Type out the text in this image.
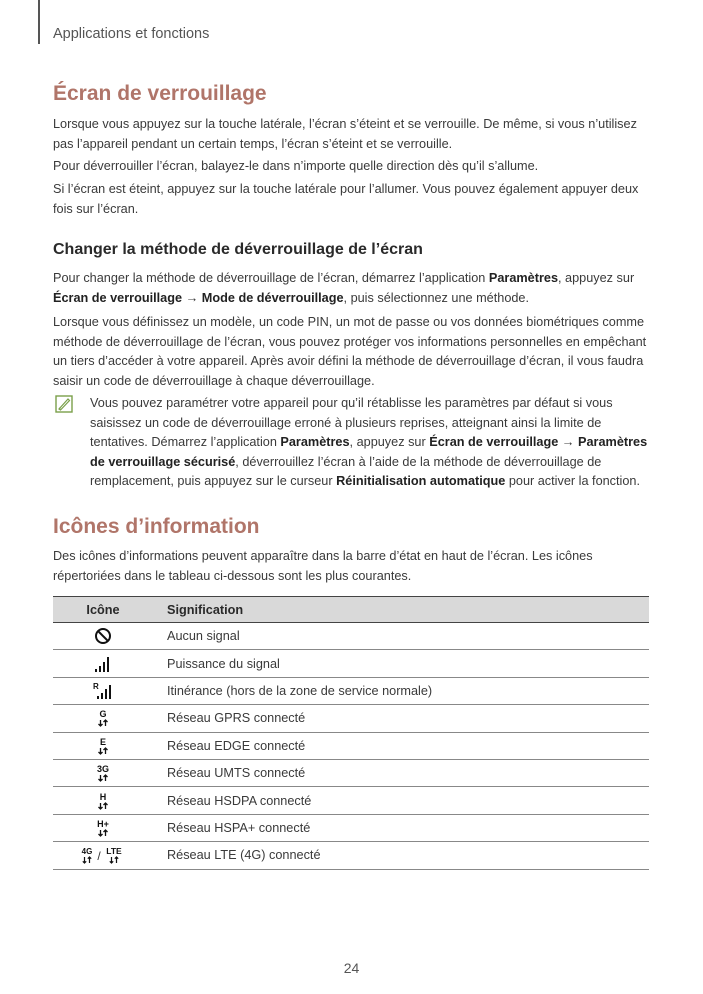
Applications et fonctions
Écran de verrouillage

Lorsque vous appuyez sur la touche latérale, l’écran s’éteint et se verrouille. De même, si vous n’utilisez pas l’appareil pendant un certain temps, l’écran s’éteint et se verrouille.

Pour déverrouiller l’écran, balayez-le dans n’importe quelle direction dès qu’il s’allume.

Si l’écran est éteint, appuyez sur la touche latérale pour l’allumer. Vous pouvez également appuyer deux fois sur l’écran.

Changer la méthode de déverrouillage de l’écran

Pour changer la méthode de déverrouillage de l’écran, démarrez l’application Paramètres, appuyez sur Écran de verrouillage → Mode de déverrouillage, puis sélectionnez une méthode.

Lorsque vous définissez un modèle, un code PIN, un mot de passe ou vos données biométriques comme méthode de déverrouillage de l’écran, vous pouvez protéger vos informations personnelles en empêchant un tiers d’accéder à votre appareil. Après avoir défini la méthode de déverrouillage d’écran, il vous faudra saisir un code de déverrouillage à chaque déverrouillage.

Vous pouvez paramétrer votre appareil pour qu’il rétablisse les paramètres par défaut si vous saisissez un code de déverrouillage erroné à plusieurs reprises, atteignant ainsi la limite de tentatives. Démarrez l’application Paramètres, appuyez sur Écran de verrouillage → Paramètres de verrouillage sécurisé, déverrouillez l’écran à l’aide de la méthode de déverrouillage de remplacement, puis appuyez sur le curseur Réinitialisation automatique pour activer la fonction.

Icônes d’information

Des icônes d’informations peuvent apparaître dans la barre d’état en haut de l’écran. Les icônes répertoriées dans le tableau ci-dessous sont les plus courantes.

Icône	Signification
	Aucun signal
	Puissance du signal

R	Itinérance (hors de la zone de service normale)

G	Réseau GPRS connecté

E	Réseau EDGE connecté

3G	Réseau UMTS connecté

H	Réseau HSDPA connecté

H+	Réseau HSPA+ connecté

4G / LTE	Réseau LTE (4G) connecté
24
